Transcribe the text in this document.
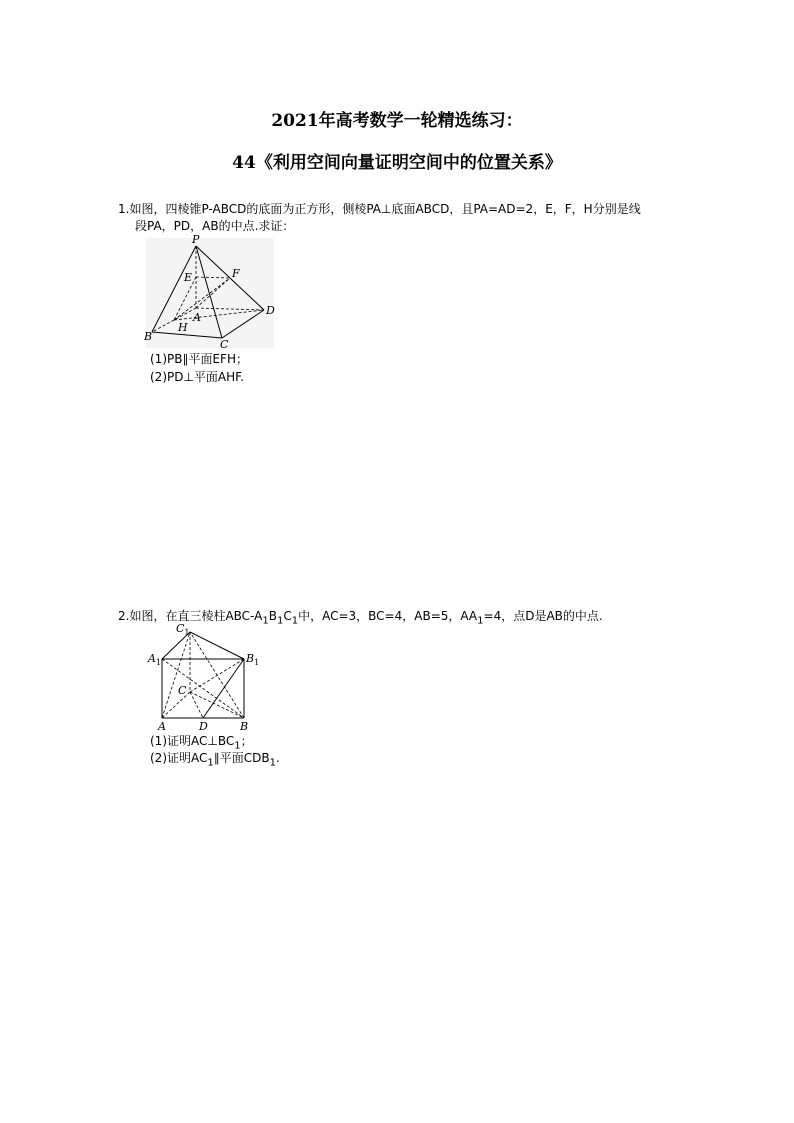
2021年高考数学一轮精选练习：
44《利用空间向量证明空间中的位置关系》
1.如图，四棱锥P-ABCD的底面为正方形，侧棱PA⊥底面ABCD，且PA=AD=2，E，F，H分别是线
段PA，PD，AB的中点.求证：
P
E	F
A
H
B
C
D
(1)PB∥平面EFH；
(2)PD⊥平面AHF.
2.如图，在直三棱柱ABC-$A_1B_1C_1$中，AC=3，BC=4，AB=5，$AA_1=4$，点D是AB的中点.
$C_1$
$A_1$	$B_1$
C
A	D	B
(1)证明$AC\perp BC_1$；
(2)证明$AC_1\parallel$平面$CDB_1$.
